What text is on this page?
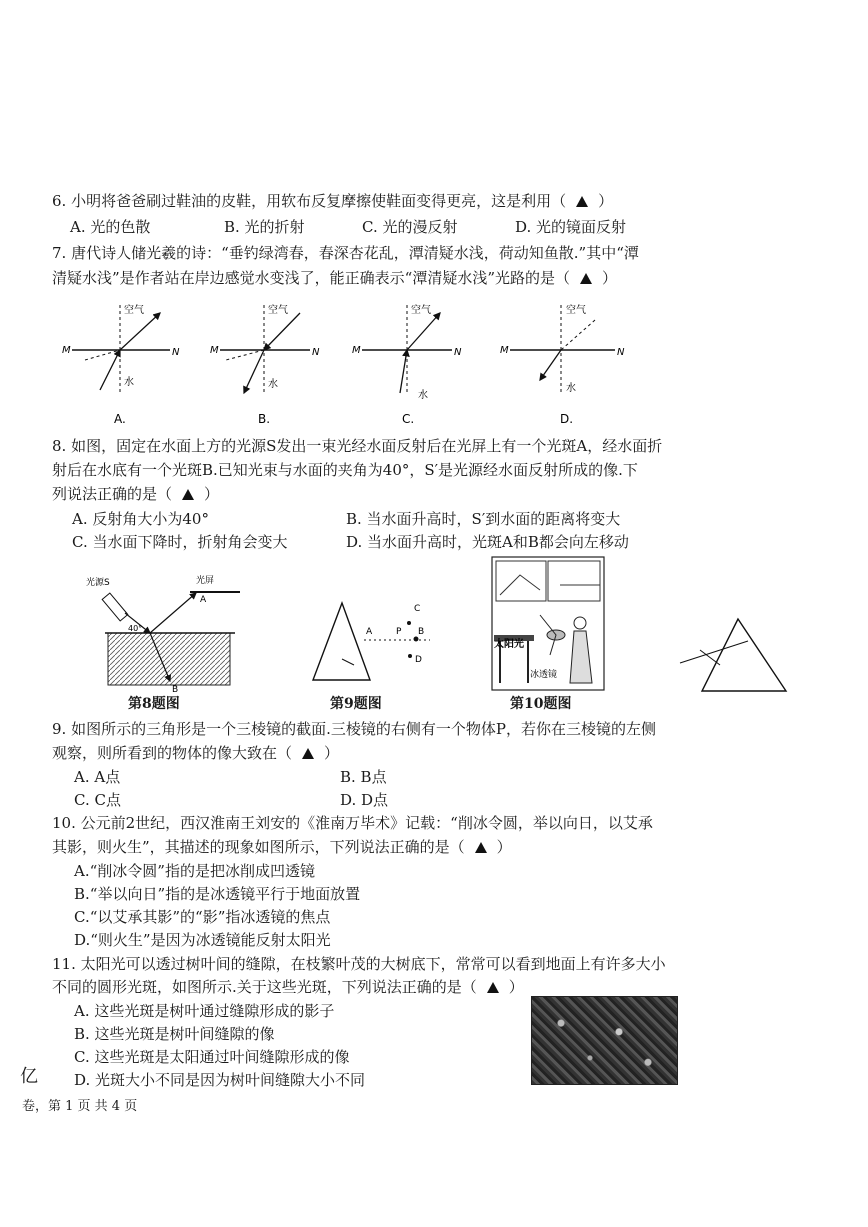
6. 小明将爸爸刷过鞋油的皮鞋，用软布反复摩擦使鞋面变得更亮，这是利用（ ）
A. 光的色散	B. 光的折射	C. 光的漫反射	D. 光的镜面反射
7. 唐代诗人储光羲的诗：“垂钓绿湾春，春深杏花乱，潭清疑水浅，荷动知鱼散.”其中“潭
清疑水浅”是作者站在岸边感觉水变浅了，能正确表示“潭清疑水浅”光路的是（ ）
M	N
空气
水
A.
M	N
空气
水
B.
M	N
空气
水
C.
M	N
空气
水
D.
8. 如图，固定在水面上方的光源S发出一束光经水面反射后在光屏上有一个光斑A，经水面折
射后在水底有一个光斑B.已知光束与水面的夹角为40°，S′是光源经水面反射所成的像.下
列说法正确的是（ ）
A. 反射角大小为40°	B. 当水面升高时，S′到水面的距离将变大
C. 当水面下降时，折射角会变大	D. 当水面升高时，光斑A和B都会向左移动
光源S	光屏
A
B
40°	A	P B
C
D
太阳光
冰透镜
第8题图	第9题图	第10题图
9. 如图所示的三角形是一个三棱镜的截面.三棱镜的右侧有一个物体P，若你在三棱镜的左侧
观察，则所看到的物体的像大致在（ ）
A. A点	B. B点
C. C点	D. D点
10. 公元前2世纪，西汉淮南王刘安的《淮南万毕术》记载：“削冰令圆，举以向日，以艾承
其影，则火生”，其描述的现象如图所示，下列说法正确的是（ ）
A.“削冰令圆”指的是把冰削成凹透镜
B.“举以向日”指的是冰透镜平行于地面放置
C.“以艾承其影”的“影”指冰透镜的焦点
D.“则火生”是因为冰透镜能反射太阳光
11. 太阳光可以透过树叶间的缝隙，在枝繁叶茂的大树底下，常常可以看到地面上有许多大小
不同的圆形光斑，如图所示.关于这些光斑，下列说法正确的是（ ）
A. 这些光斑是树叶通过缝隙形成的影子
B. 这些光斑是树叶间缝隙的像
C. 这些光斑是太阳通过叶间缝隙形成的像
D. 光斑大小不同是因为树叶间缝隙大小不同
亿
卷，第 1 页 共 4 页
